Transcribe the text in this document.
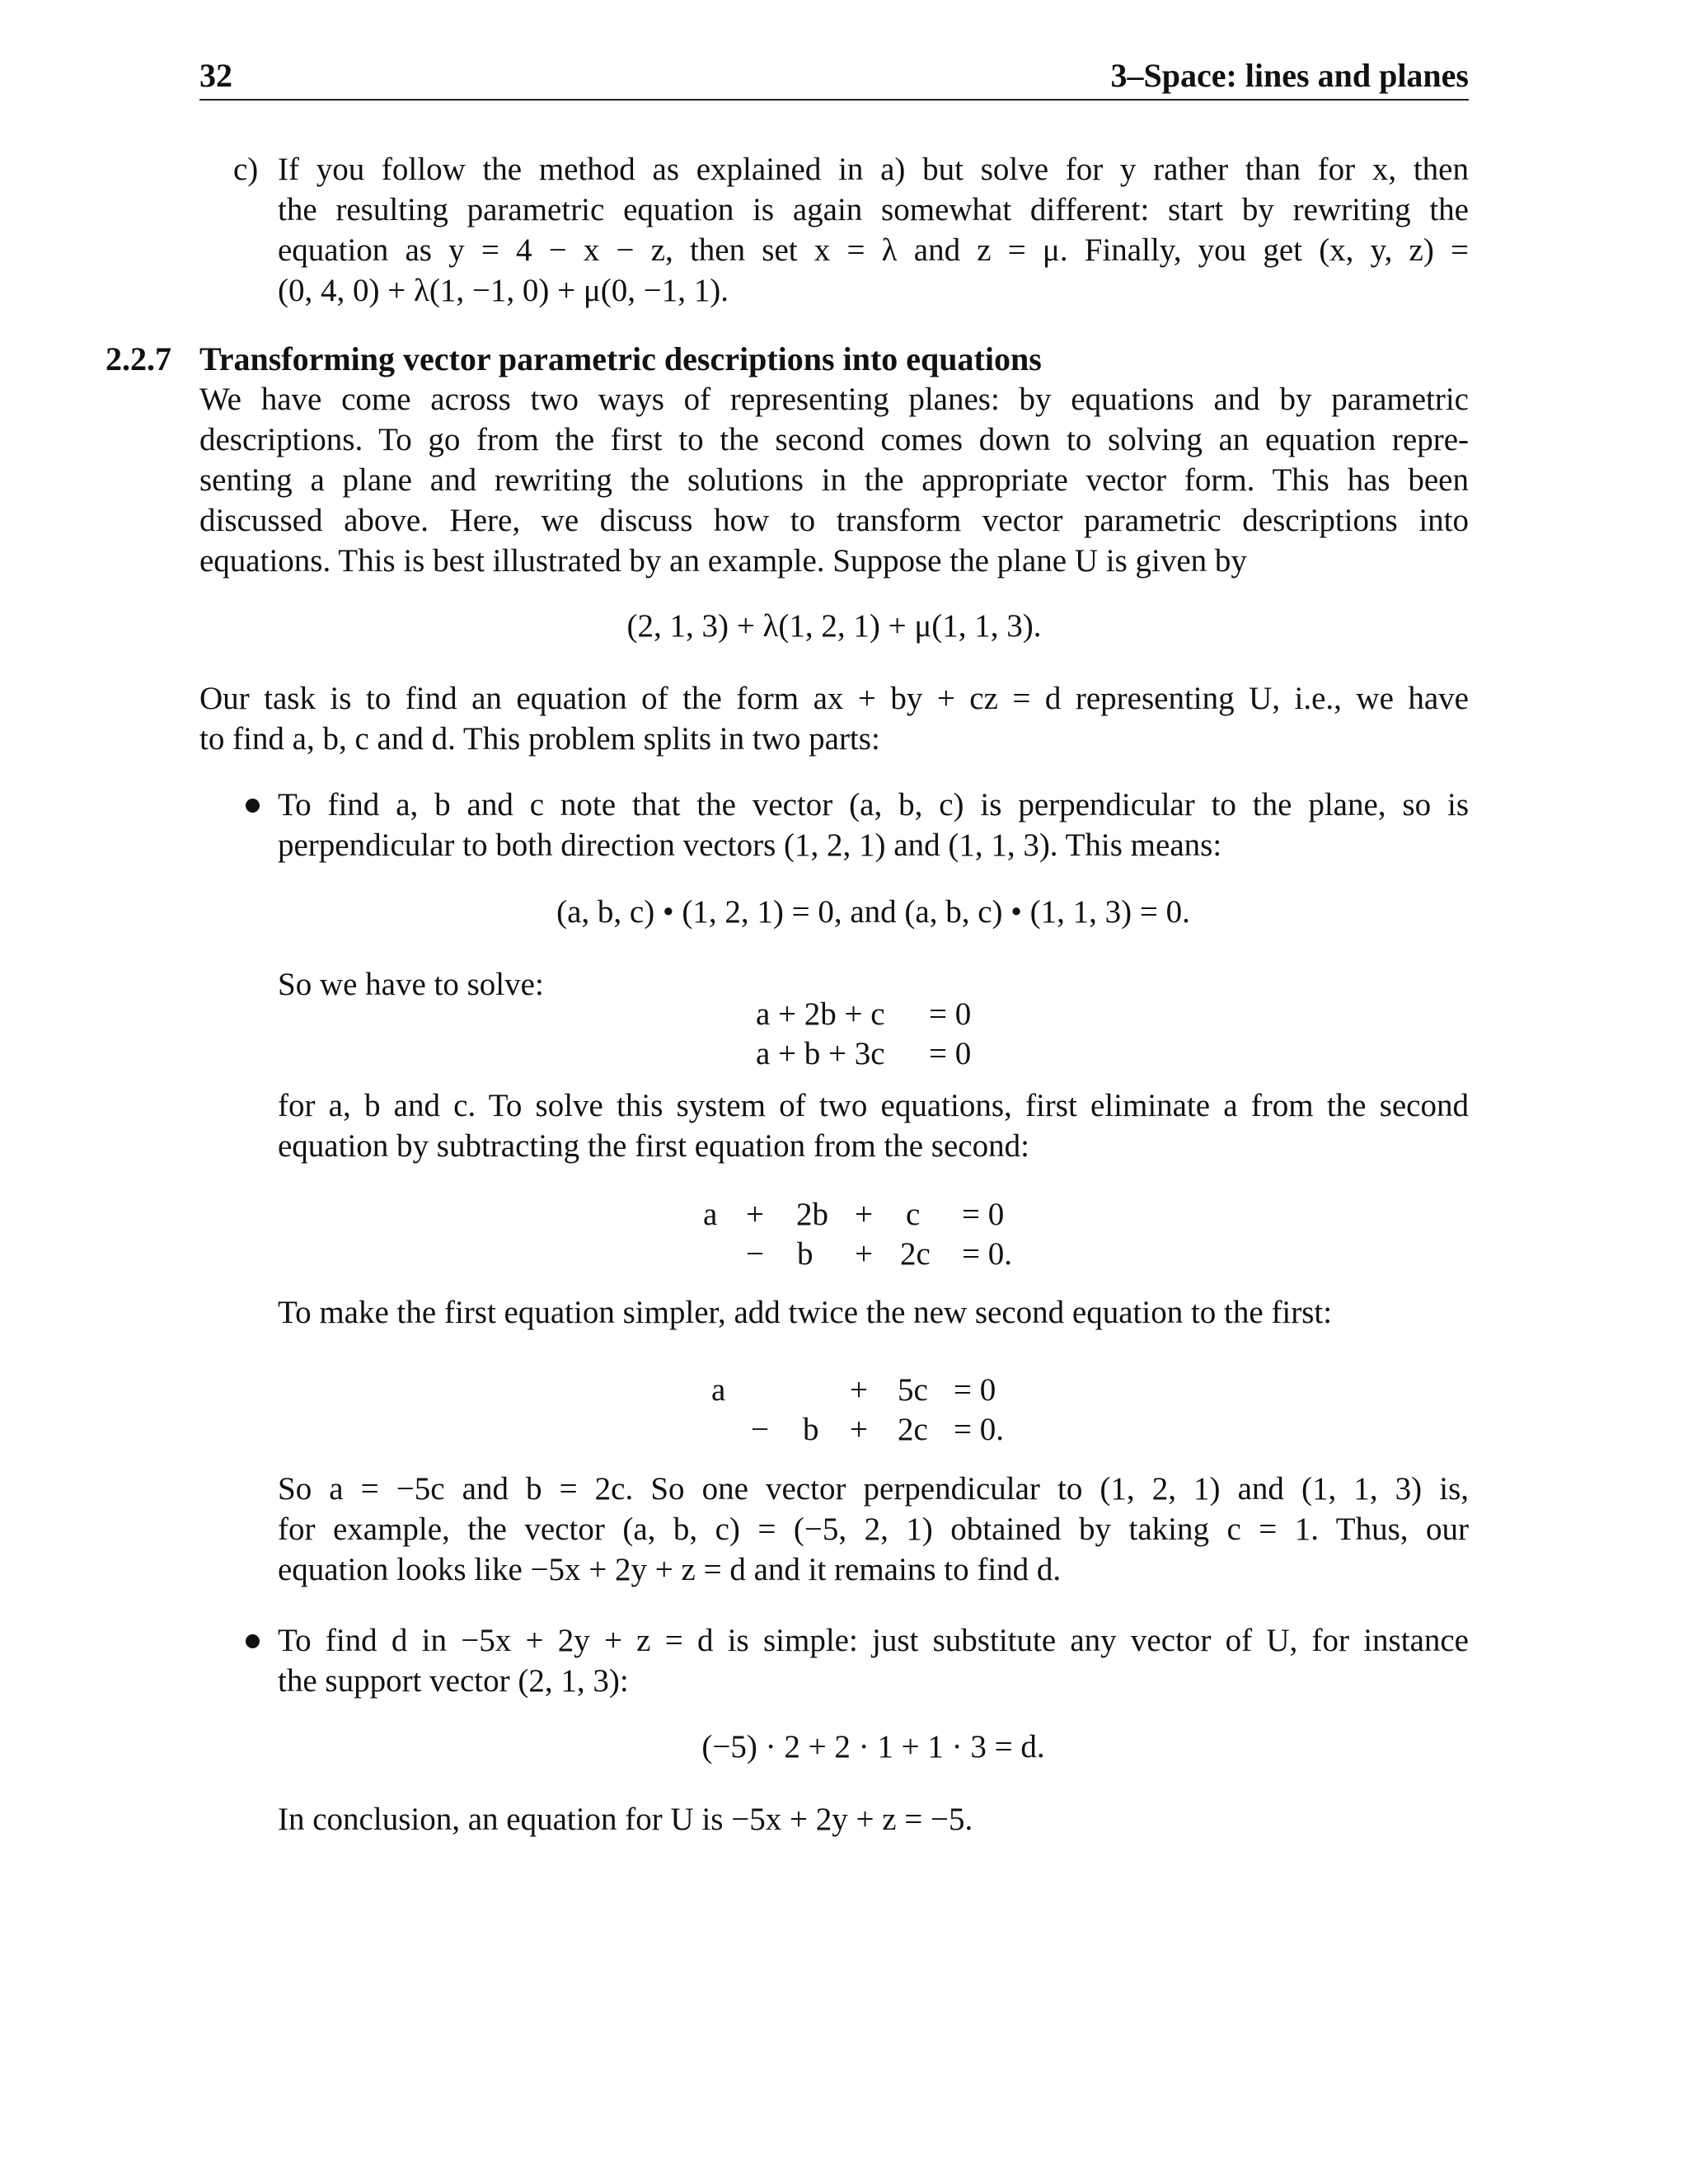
32	3–Space: lines and planes
c) If you follow the method as explained in a) but solve for y rather than for x, then
the resulting parametric equation is again somewhat different: start by rewriting the
equation as y = 4 − x − z, then set x = λ and z = μ. Finally, you get (x, y, z) =
(0, 4, 0) + λ(1, −1, 0) + μ(0, −1, 1).
2.2.7 Transforming vector parametric descriptions into equations
We have come across two ways of representing planes: by equations and by parametric
descriptions. To go from the first to the second comes down to solving an equation repre-
senting a plane and rewriting the solutions in the appropriate vector form. This has been
discussed above. Here, we discuss how to transform vector parametric descriptions into
equations. This is best illustrated by an example. Suppose the plane U is given by
(2, 1, 3) + λ(1, 2, 1) + μ(1, 1, 3).
Our task is to find an equation of the form ax + by + cz = d representing U, i.e., we have
to find a, b, c and d. This problem splits in two parts:
To find a, b and c note that the vector (a, b, c) is perpendicular to the plane, so is
perpendicular to both direction vectors (1, 2, 1) and (1, 1, 3). This means:
(a, b, c) • (1, 2, 1) = 0, and (a, b, c) • (1, 1, 3) = 0.
So we have to solve:
a + 2b + c = 0
a + b + 3c = 0
for a, b and c. To solve this system of two equations, first eliminate a from the second
equation by subtracting the first equation from the second:
a + 2b + c = 0
− b + 2c = 0.
To make the first equation simpler, add twice the new second equation to the first:
a	+ 5c = 0
− b + 2c = 0.
So a = −5c and b = 2c. So one vector perpendicular to (1, 2, 1) and (1, 1, 3) is,
for example, the vector (a, b, c) = (−5, 2, 1) obtained by taking c = 1. Thus, our
equation looks like −5x + 2y + z = d and it remains to find d.
To find d in −5x + 2y + z = d is simple: just substitute any vector of U, for instance
the support vector (2, 1, 3):
(−5) · 2 + 2 · 1 + 1 · 3 = d.
In conclusion, an equation for U is −5x + 2y + z = −5.
